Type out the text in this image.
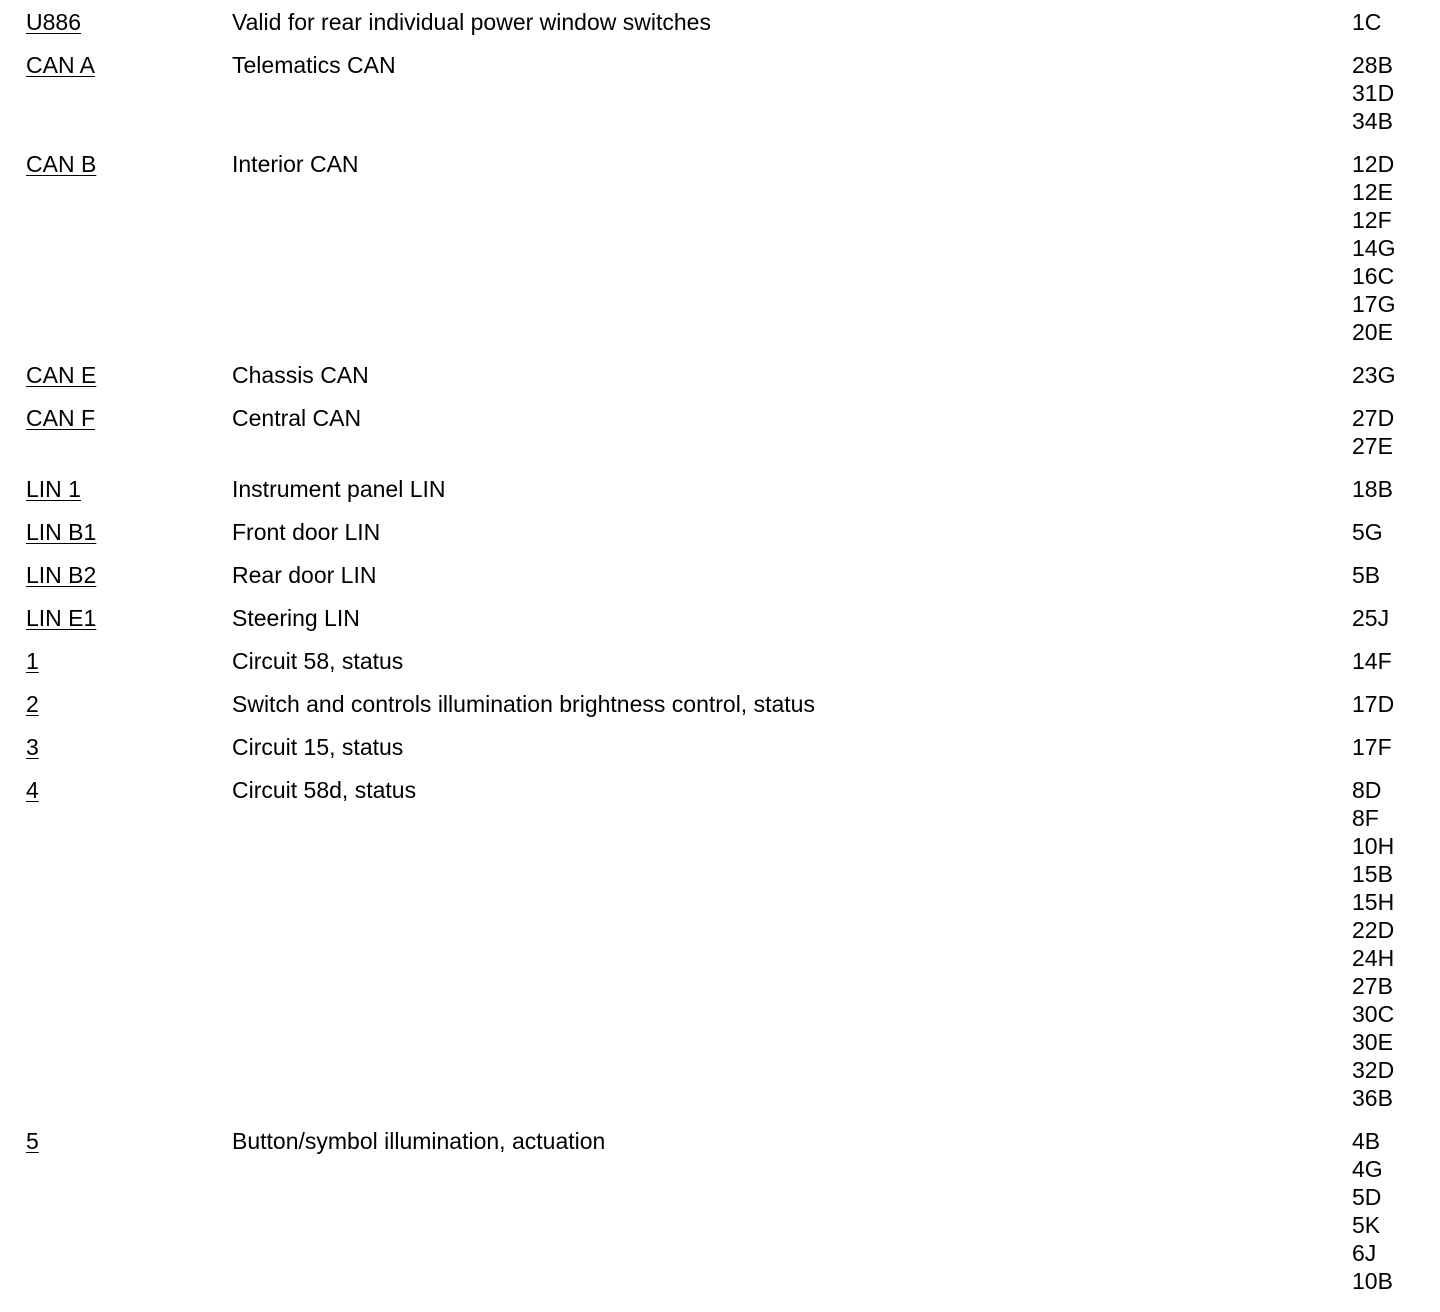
U886	Valid for rear individual power window switches	1C
CAN A	Telematics CAN	28B
31D
34B
CAN B	Interior CAN	12D
12E
12F
14G
16C
17G
20E
CAN E	Chassis CAN	23G
CAN F	Central CAN	27D
27E
LIN 1	Instrument panel LIN	18B
LIN B1	Front door LIN	5G
LIN B2	Rear door LIN	5B
LIN E1	Steering LIN	25J
1	Circuit 58, status	14F
2	Switch and controls illumination brightness control, status	17D
3	Circuit 15, status	17F
4	Circuit 58d, status	8D
8F
10H
15B
15H
22D
24H
27B
30C
30E
32D
36B
5	Button/symbol illumination, actuation	4B
4G
5D
5K
6J
10B
